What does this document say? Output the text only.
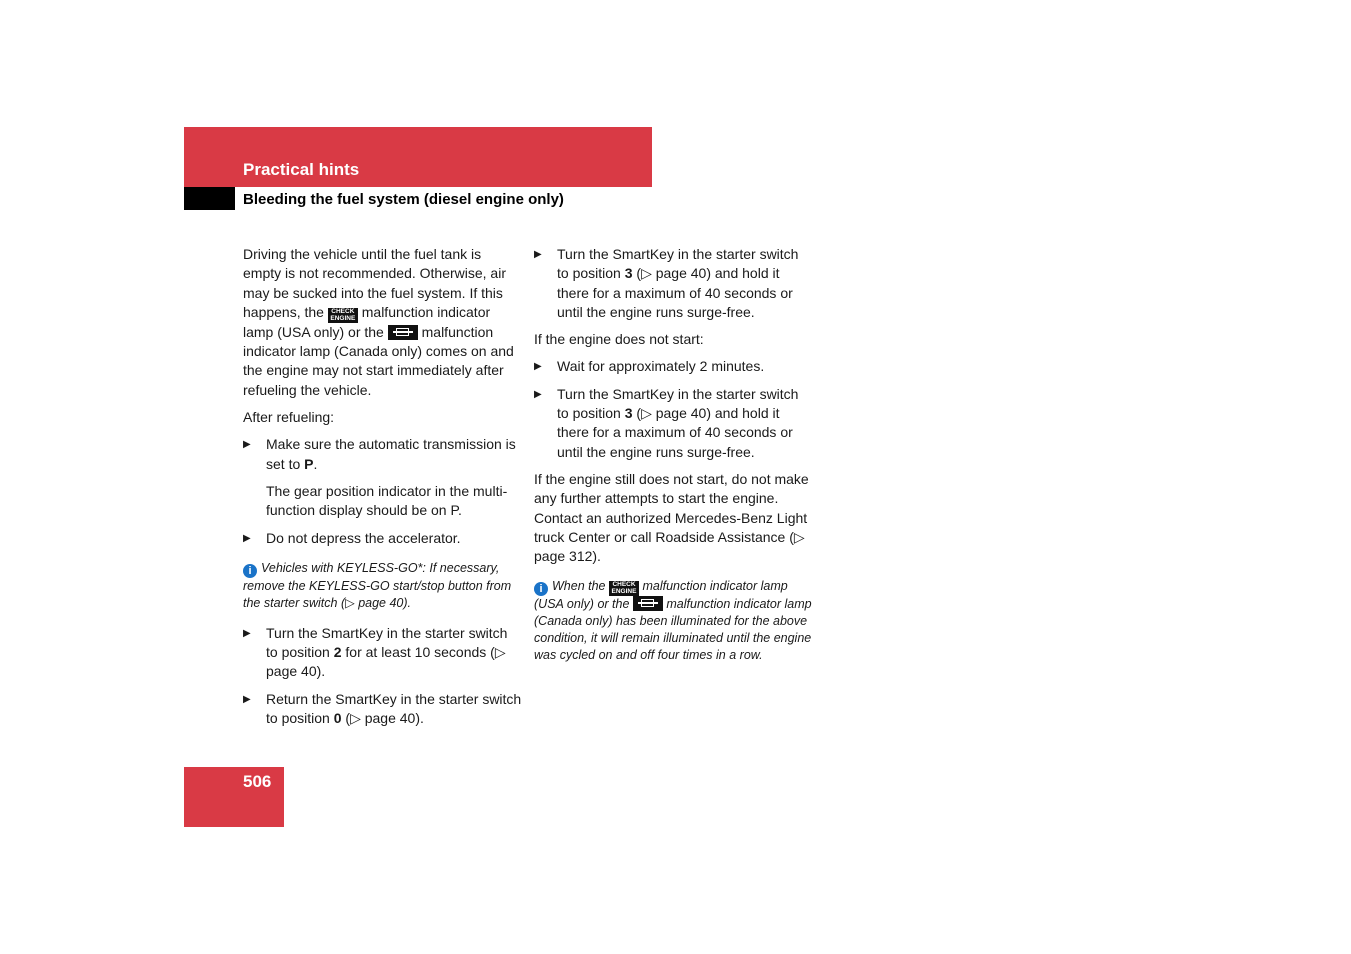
Practical hints
Bleeding the fuel system (diesel engine only)

Driving the vehicle until the fuel tank is empty is not recommended. Otherwise, air may be sucked into the fuel system. If this happens, the CHECK
ENGINE malfunction indicator lamp (USA only) or the	malfunction indicator lamp (Canada only) comes on and the engine may not start immediately after refueling the vehicle.

After refueling:

▶ Make sure the automatic transmission is set to P.
The gear position indicator in the multi-function display should be on P.
▶ Do not depress the accelerator.
i Vehicles with KEYLESS-GO*: If necessary, remove the KEYLESS-GO start/stop button from the starter switch (▷ page 40).
▶ Turn the SmartKey in the starter switch to position 2 for at least 10 seconds (▷ page 40).
▶ Return the SmartKey in the starter switch to position 0 (▷ page 40).
▶ Turn the SmartKey in the starter switch to position 3 (▷ page 40) and hold it there for a maximum of 40 seconds or until the engine runs surge-free.

If the engine does not start:

▶ Wait for approximately 2 minutes.
▶ Turn the SmartKey in the starter switch to position 3 (▷ page 40) and hold it there for a maximum of 40 seconds or until the engine runs surge-free.

If the engine still does not start, do not make any further attempts to start the engine. Contact an authorized Mercedes-Benz Light truck Center or call Roadside Assistance (▷ page 312).

i When the CHECK
ENGINE malfunction indicator lamp (USA only) or the	malfunction indicator lamp (Canada only) has been illuminated for the above condition, it will remain illuminated until the engine was cycled on and off four times in a row.
506
